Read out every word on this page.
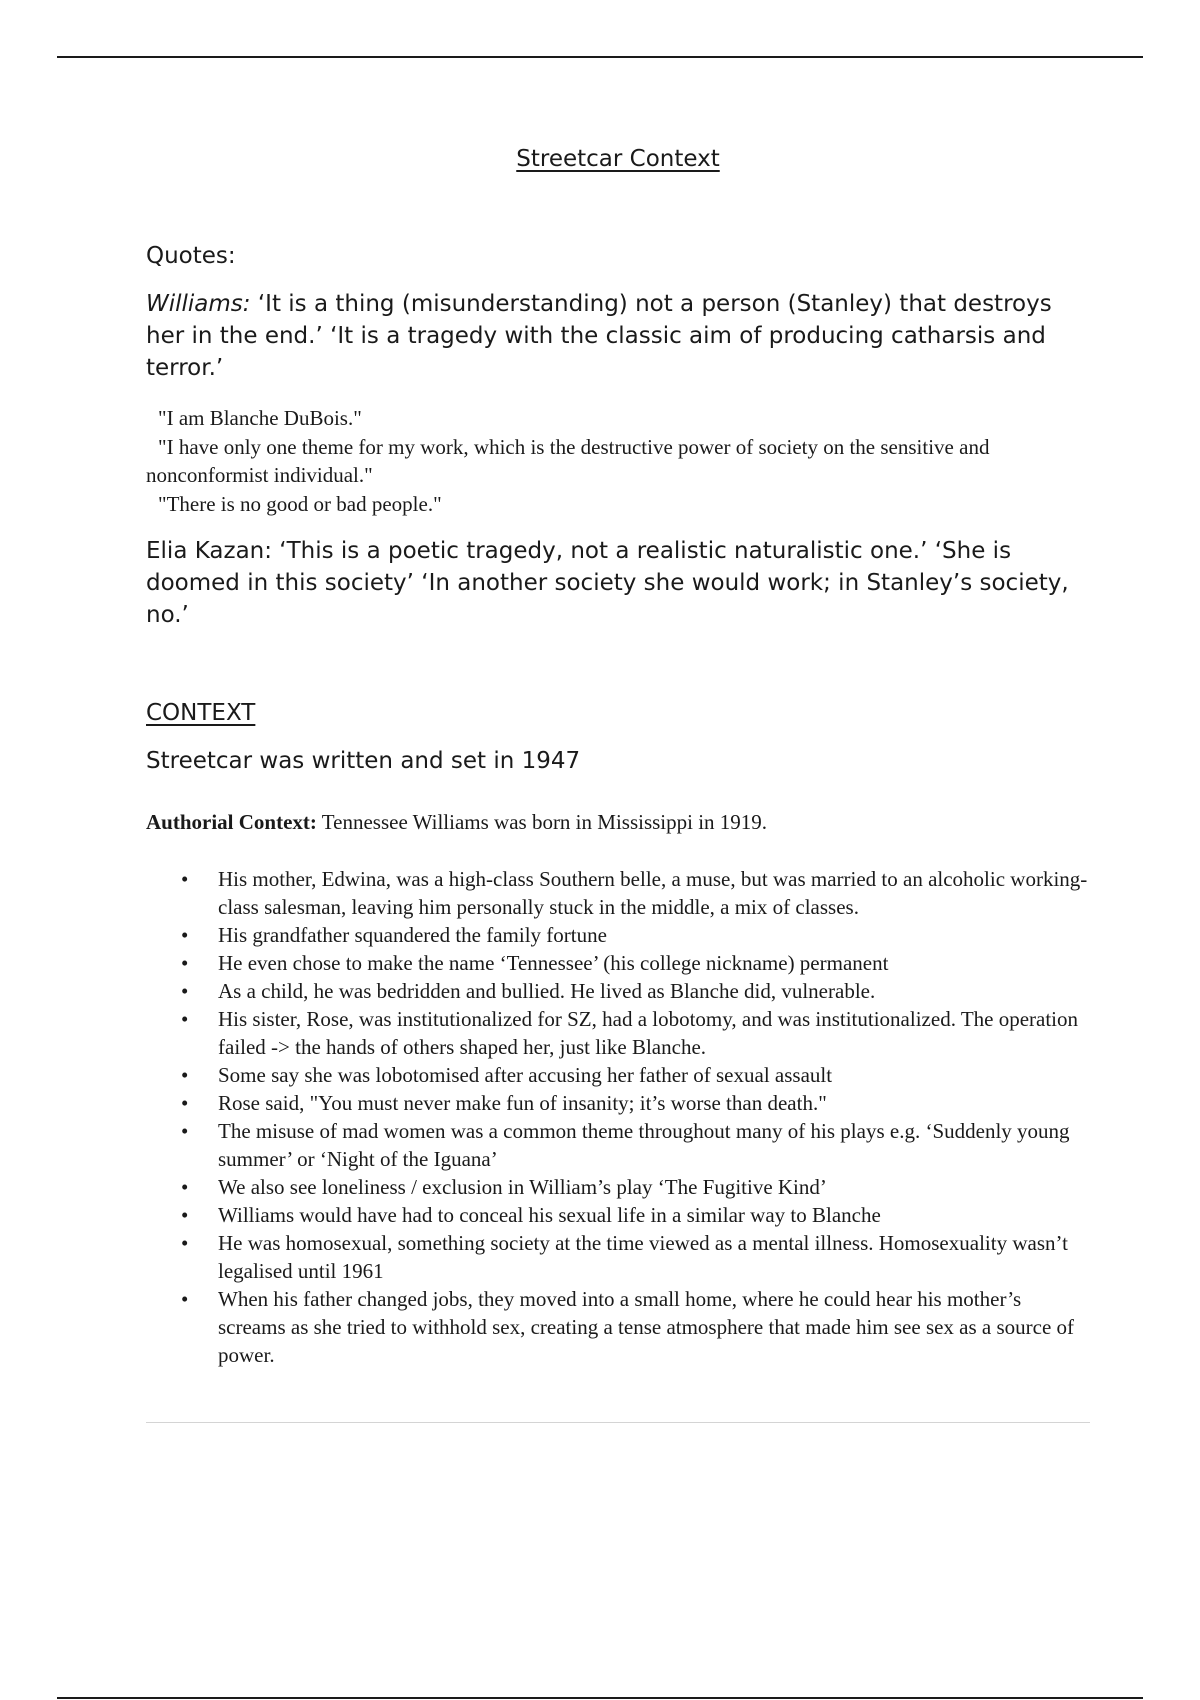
Streetcar Context
Quotes:
Williams: ‘It is a thing (misunderstanding) not a person (Stanley) that destroys her in the end.’ ‘It is a tragedy with the classic aim of producing catharsis and terror.’
"I am Blanche DuBois."
"I have only one theme for my work, which is the destructive power of society on the sensitive and nonconformist individual."
"There is no good or bad people."
Elia Kazan: ‘This is a poetic tragedy, not a realistic naturalistic one.’ ‘She is doomed in this society’ ‘In another society she would work; in Stanley’s society, no.’
CONTEXT
Streetcar was written and set in 1947
Authorial Context: Tennessee Williams was born in Mississippi in 1919.
• His mother, Edwina, was a high-class Southern belle, a muse, but was married to an alcoholic working-class salesman, leaving him personally stuck in the middle, a mix of classes.
• His grandfather squandered the family fortune
• He even chose to make the name ‘Tennessee’ (his college nickname) permanent
• As a child, he was bedridden and bullied. He lived as Blanche did, vulnerable.
• His sister, Rose, was institutionalized for SZ, had a lobotomy, and was institutionalized. The operation failed -> the hands of others shaped her, just like Blanche.
• Some say she was lobotomised after accusing her father of sexual assault
• Rose said, "You must never make fun of insanity; it’s worse than death."
• The misuse of mad women was a common theme throughout many of his plays e.g. ‘Suddenly young summer’ or ‘Night of the Iguana’
• We also see loneliness / exclusion in William’s play ‘The Fugitive Kind’
• Williams would have had to conceal his sexual life in a similar way to Blanche
• He was homosexual, something society at the time viewed as a mental illness. Homosexuality wasn’t legalised until 1961
• When his father changed jobs, they moved into a small home, where he could hear his mother’s screams as she tried to withhold sex, creating a tense atmosphere that made him see sex as a source of power.
